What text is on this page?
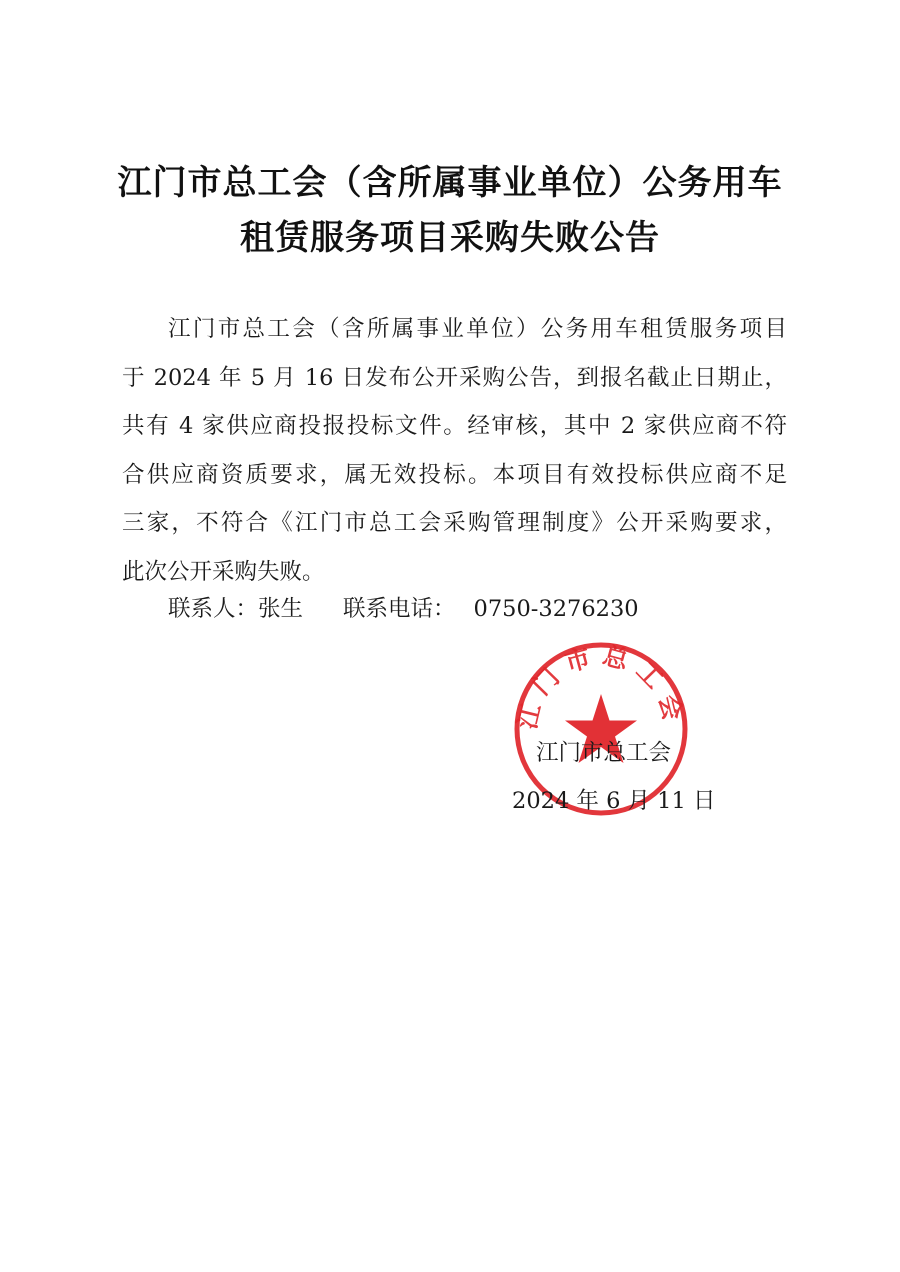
江门市总工会（含所属事业单位）公务用车
租赁服务项目采购失败公告
江门市总工会（含所属事业单位）公务用车租赁服务项目
于 2024 年 5 月 16 日发布公开采购公告，到报名截止日期止，
共有 4 家供应商投报投标文件。经审核，其中 2 家供应商不符
合供应商资质要求，属无效投标。本项目有效投标供应商不足
三家，不符合《江门市总工会采购管理制度》公开采购要求，
此次公开采购失败。
联系人：张生 联系电话： 0750-3276230
江门市总工会
江门市总工会
2024 年 6 月 11 日
